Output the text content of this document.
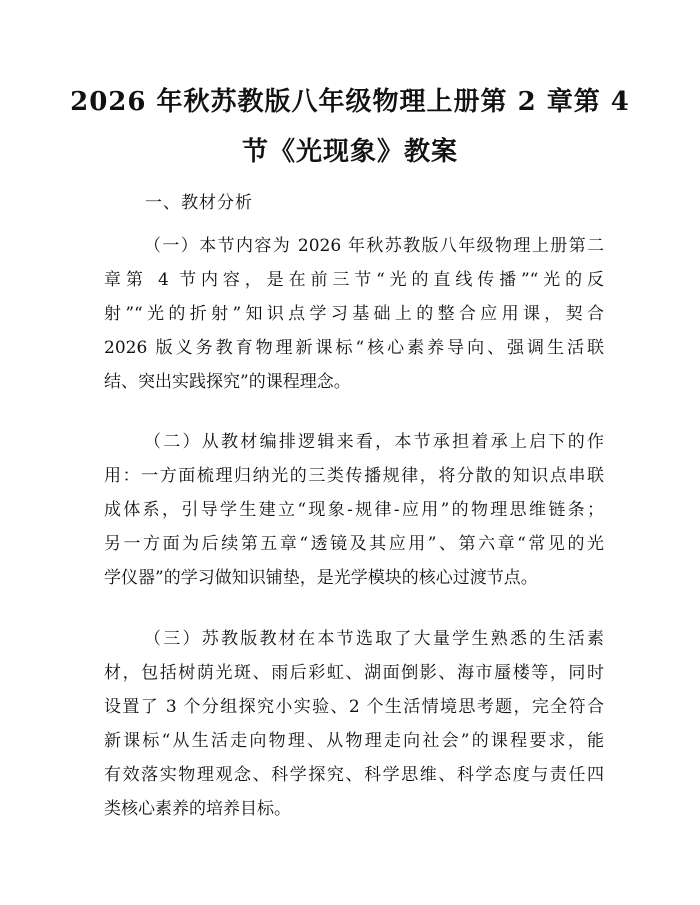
2026 年秋苏教版八年级物理上册第 2 章第 4
节《光现象》教案
一、教材分析
（一）本节内容为 2026 年秋苏教版八年级物理上册第二
章第 4 节内容，是在前三节“光的直线传播”“光的反
射”“光的折射”知识点学习基础上的整合应用课，契合
2026 版义务教育物理新课标“核心素养导向、强调生活联
结、突出实践探究”的课程理念。
（二）从教材编排逻辑来看，本节承担着承上启下的作
用：一方面梳理归纳光的三类传播规律，将分散的知识点串联
成体系，引导学生建立“现象-规律-应用”的物理思维链条；
另一方面为后续第五章“透镜及其应用”、第六章“常见的光
学仪器”的学习做知识铺垫，是光学模块的核心过渡节点。
（三）苏教版教材在本节选取了大量学生熟悉的生活素
材，包括树荫光斑、雨后彩虹、湖面倒影、海市蜃楼等，同时
设置了 3 个分组探究小实验、2 个生活情境思考题，完全符合
新课标“从生活走向物理、从物理走向社会”的课程要求，能
有效落实物理观念、科学探究、科学思维、科学态度与责任四
类核心素养的培养目标。
